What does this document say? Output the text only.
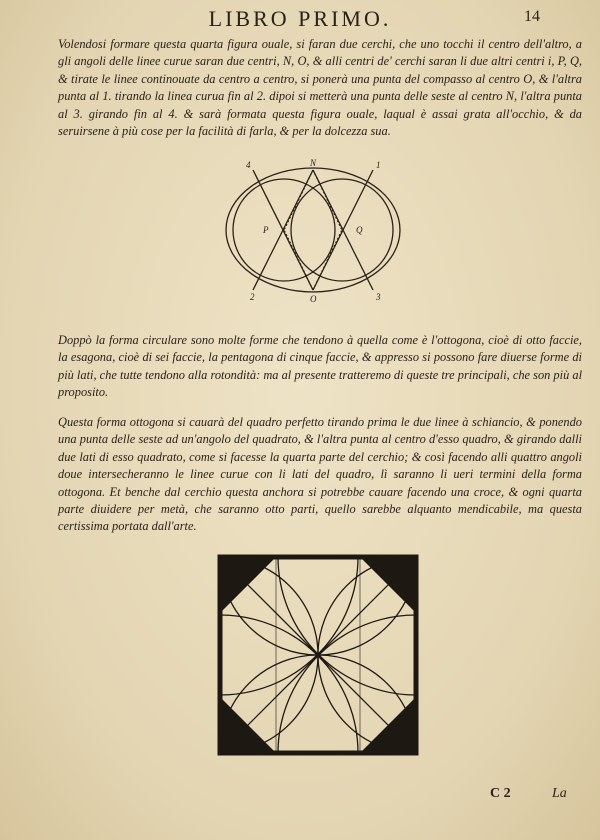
LIBRO PRIMO.	14

Volendosi formare questa quarta figura ouale, si faran due cerchi, che uno tocchi il centro dell'altro, a gli angoli delle linee curue saran due centri, N, O, & alli centri de' cerchi saran li due altri centri i, P, Q, & tirate le linee continouate da centro a centro, si ponerà una punta del compasso al centro O, & l'altra punta al 1. tirando la linea curua fin al 2. dipoi si metterà una punta delle seste al centro N, l'altra punta al 3. girando fin al 4. & sarà formata questa figura ouale, laqual è assai grata all'occhio, & da seruirsene à più cose per la facilità di farla, & per la dolcezza sua.

4	N	1
P	Q
2	O	3

Doppò la forma circulare sono molte forme che tendono à quella come è l'ottogona, cioè di otto faccie, la esagona, cioè di sei faccie, la pentagona di cinque faccie, & appresso si possono fare diuerse forme di più lati, che tutte tendono alla rotondità: ma al presente tratteremo di queste tre principali, che son più al proposito.

Questa forma ottogona si cauarà del quadro perfetto tirando prima le due linee à schiancio, & ponendo una punta delle seste ad un'angolo del quadrato, & l'altra punta al centro d'esso quadro, & girando dalli due lati di esso quadrato, come si facesse la quarta parte del cerchio; & così facendo alli quattro angoli doue intersecheranno le linee curue con li lati del quadro, lì saranno li ueri termini della forma ottogona. Et benche dal cerchio questa anchora si potrebbe cauare facendo una croce, & ogni quarta parte diuidere per metà, che saranno otto parti, quello sarebbe alquanto mendicabile, ma questa certissima portata dall'arte.

C 2	La
